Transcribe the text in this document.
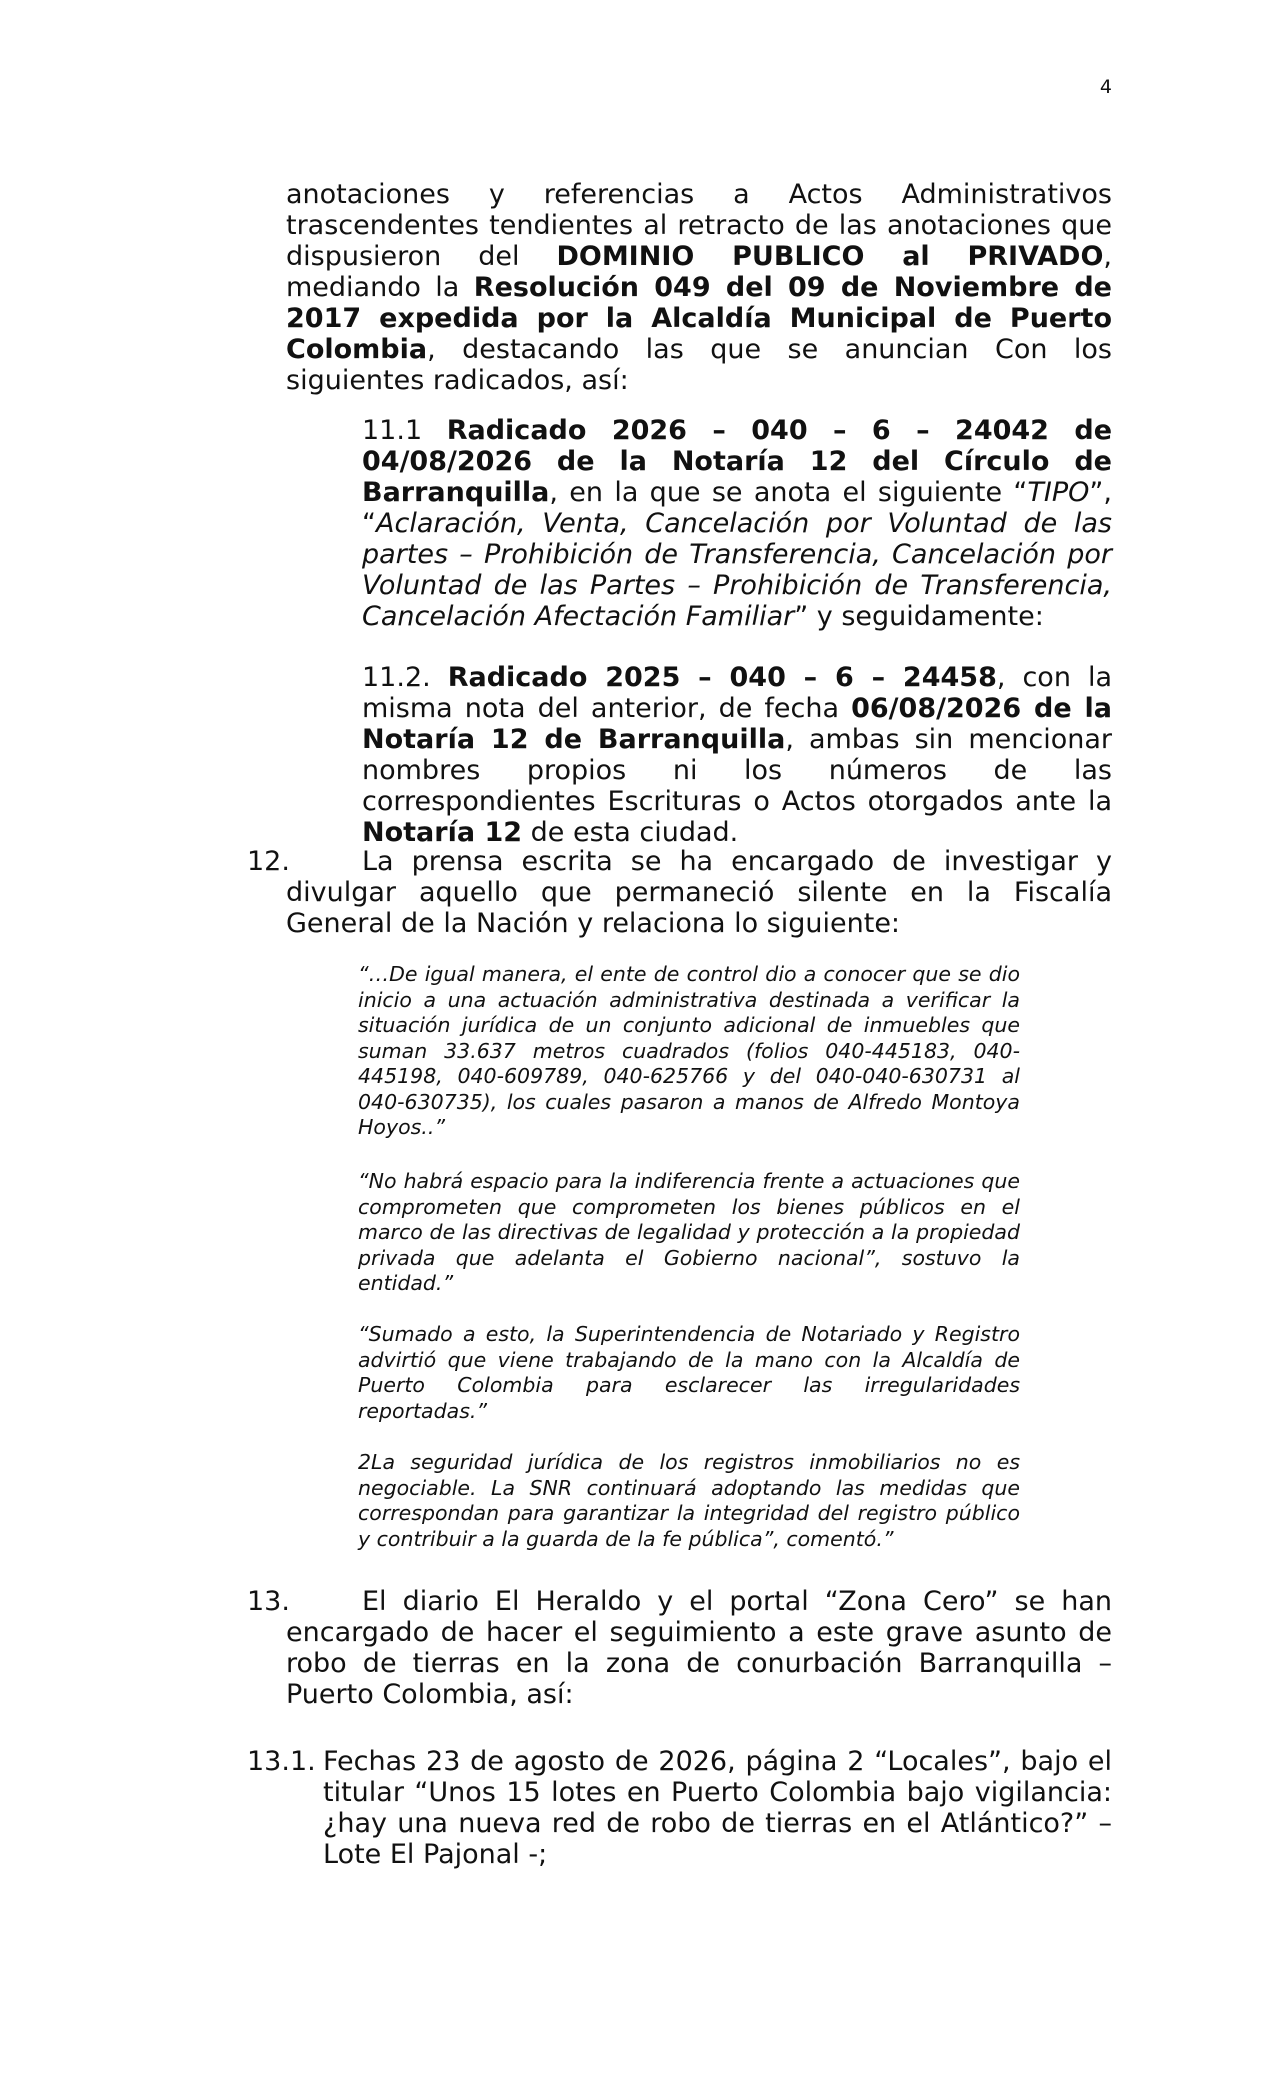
4

anotaciones y referencias a Actos Administrativos trascendentes tendientes al retracto de las anotaciones que dispusieron del DOMINIO PUBLICO al PRIVADO, mediando la Resolución 049 del 09 de Noviembre de 2017 expedida por la Alcaldía Municipal de Puerto Colombia, destacando las que se anuncian Con los siguientes radicados, así:

11.1 Radicado 2026 – 040 – 6 – 24042 de 04/08/2026 de la Notaría 12 del Círculo de Barranquilla, en la que se anota el siguiente “TIPO”, “Aclaración, Venta, Cancelación por Voluntad de las partes – Prohibición de Transferencia, Cancelación por Voluntad de las Partes – Prohibición de Transferencia, Cancelación Afectación Familiar” y seguidamente:

11.2. Radicado 2025 – 040 – 6 – 24458, con la misma nota del anterior, de fecha 06/08/2026 de la Notaría 12 de Barranquilla, ambas sin mencionar nombres propios ni los números de las correspondientes Escrituras o Actos otorgados ante la Notaría 12 de esta ciudad.

12.	La prensa escrita se ha encargado de investigar y divulgar aquello que permaneció silente en la Fiscalía General de la Nación y relaciona lo siguiente:

“…De igual manera, el ente de control dio a conocer que se dio inicio a una actuación administrativa destinada a verificar la situación jurídica de un conjunto adicional de inmuebles que suman 33.637 metros cuadrados (folios 040-445183, 040-445198, 040-609789, 040-625766 y del 040-040-630731 al 040-630735), los cuales pasaron a manos de Alfredo Montoya Hoyos..”

“No habrá espacio para la indiferencia frente a actuaciones que comprometen que comprometen los bienes públicos en el marco de las directivas de legalidad y protección a la propiedad privada que adelanta el Gobierno nacional”, sostuvo la entidad.”

“Sumado a esto, la Superintendencia de Notariado y Registro advirtió que viene trabajando de la mano con la Alcaldía de Puerto Colombia para esclarecer las irregularidades reportadas.”

2La seguridad jurídica de los registros inmobiliarios no es negociable. La SNR continuará adoptando las medidas que correspondan para garantizar la integridad del registro público y contribuir a la guarda de la fe pública”, comentó.”

13.	El diario El Heraldo y el portal “Zona Cero” se han encargado de hacer el seguimiento a este grave asunto de robo de tierras en la zona de conurbación Barranquilla – Puerto Colombia, así:

13.1. Fechas 23 de agosto de 2026, página 2 “Locales”, bajo el titular “Unos 15 lotes en Puerto Colombia bajo vigilancia: ¿hay una nueva red de robo de tierras en el Atlántico?” – Lote El Pajonal -;
